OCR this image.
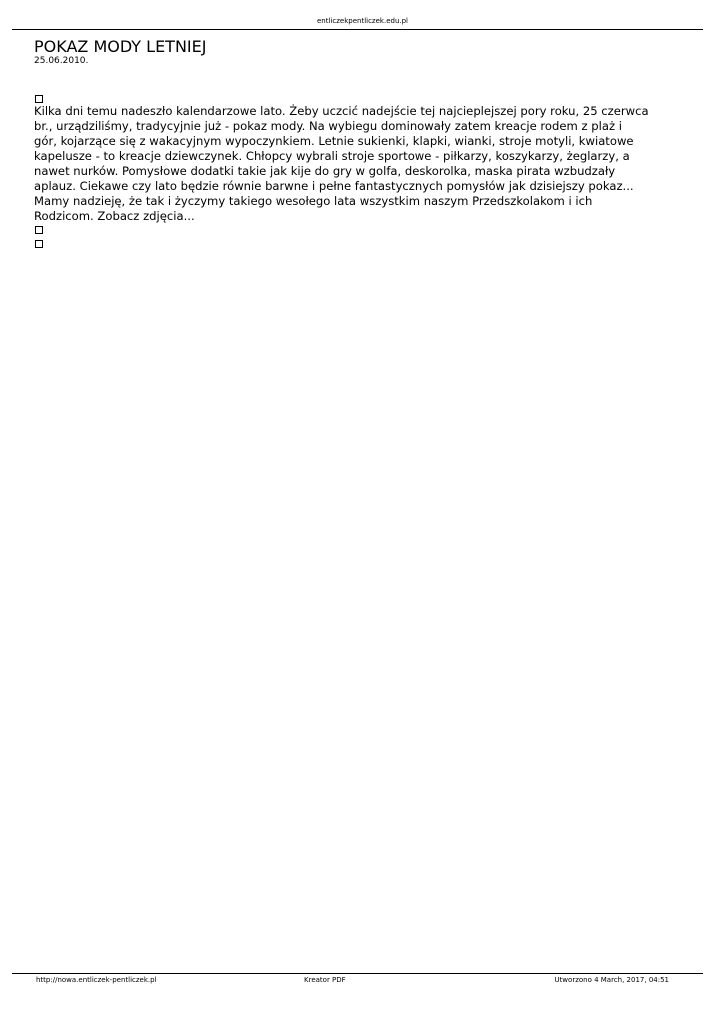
entliczekpentliczek.edu.pl
POKAZ MODY LETNIEJ
25.06.2010.
Kilka dni temu nadeszło kalendarzowe lato. Żeby uczcić nadejście tej najcieplejszej pory roku, 25 czerwca
br., urządziliśmy, tradycyjnie już - pokaz mody. Na wybiegu dominowały zatem kreacje rodem z plaż i
gór, kojarzące się z wakacyjnym wypoczynkiem. Letnie sukienki, klapki, wianki, stroje motyli, kwiatowe
kapelusze - to kreacje dziewczynek. Chłopcy wybrali stroje sportowe - piłkarzy, koszykarzy, żeglarzy, a
nawet nurków. Pomysłowe dodatki takie jak kije do gry w golfa, deskorolka, maska pirata wzbudzały
aplauz. Ciekawe czy lato będzie równie barwne i pełne fantastycznych pomysłów jak dzisiejszy pokaz...
Mamy nadzieję, że tak i życzymy takiego wesołego lata wszystkim naszym Przedszkolakom i ich
Rodzicom. Zobacz zdjęcia...
http://nowa.entliczek-pentliczek.pl	Kreator PDF	Utworzono 4 March, 2017, 04:51
